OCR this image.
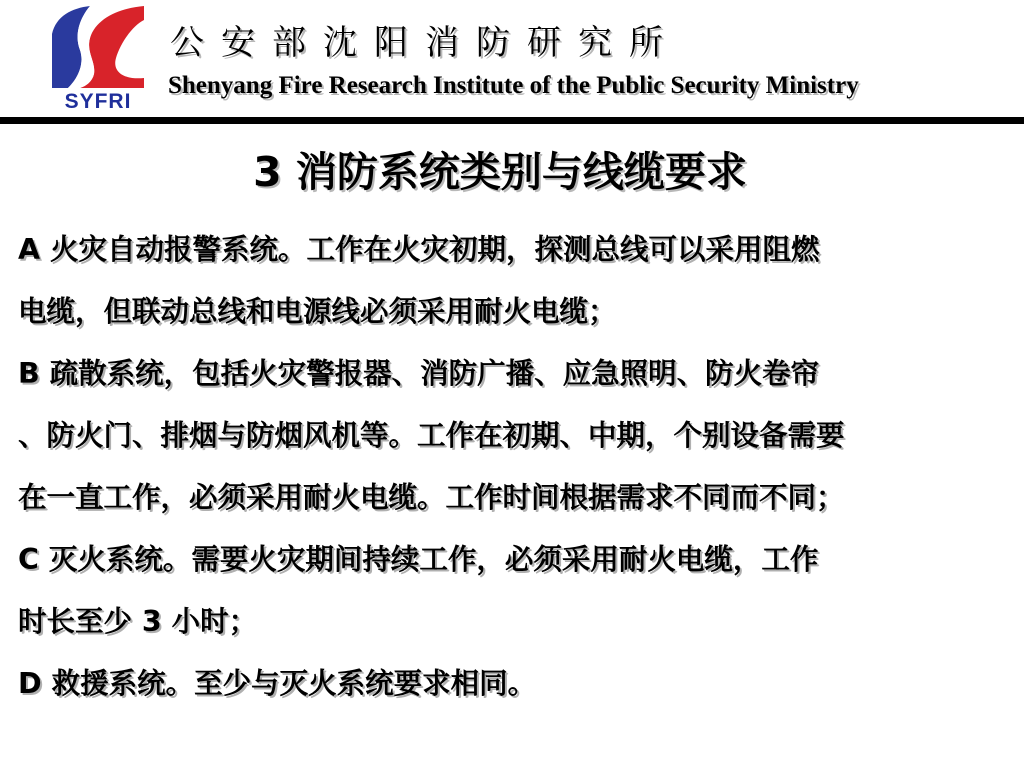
SYFRI
公安部沈阳消防研究所
Shenyang Fire Research Institute of the Public Security Ministry
3 消防系统类别与线缆要求
A 火灾自动报警系统。工作在火灾初期，探测总线可以采用阻燃
电缆，但联动总线和电源线必须采用耐火电缆；
B 疏散系统，包括火灾警报器、消防广播、应急照明、防火卷帘
、防火门、排烟与防烟风机等。工作在初期、中期，个别设备需要
在一直工作，必须采用耐火电缆。工作时间根据需求不同而不同；
C 灭火系统。需要火灾期间持续工作，必须采用耐火电缆，工作
时长至少 3 小时；
D 救援系统。至少与灭火系统要求相同。
